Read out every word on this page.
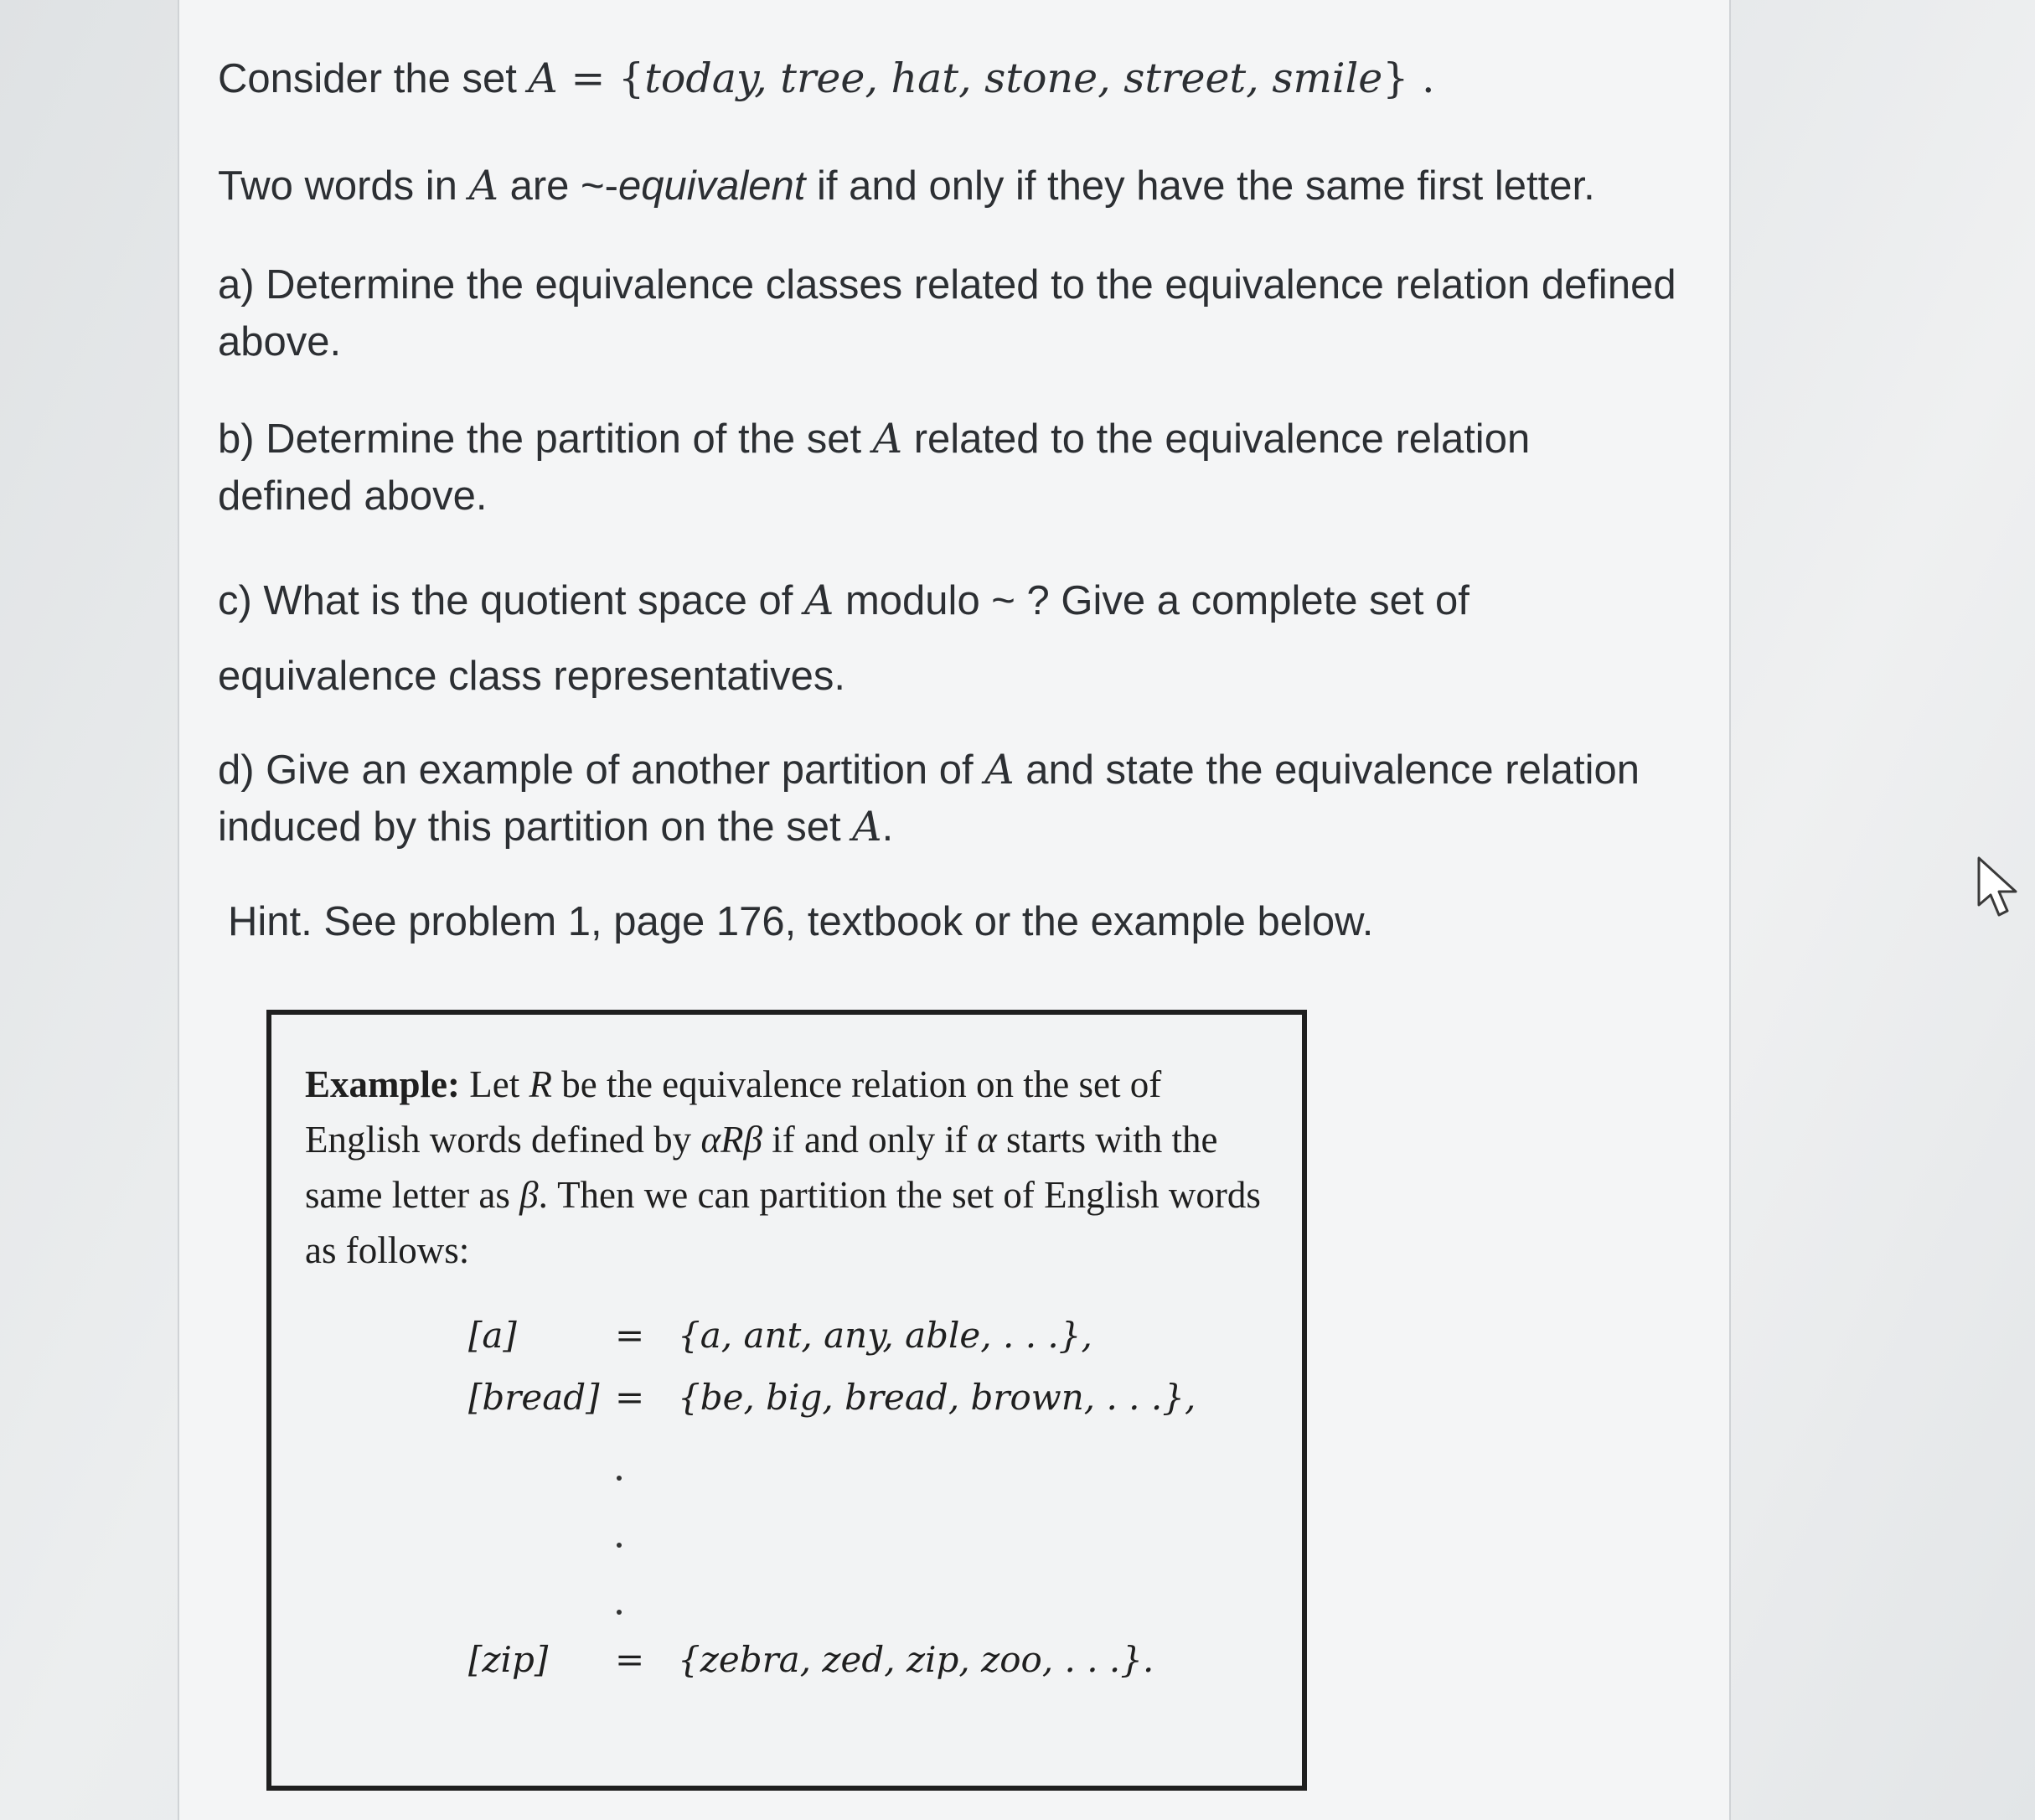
Consider the set A = {today, tree, hat, stone, street, smile} .
Two words in A are ~-equivalent if and only if they have the same first letter.
a) Determine the equivalence classes related to the equivalence relation defined
above.
b) Determine the partition of the set A related to the equivalence relation
defined above.
c) What is the quotient space of A modulo ~ ? Give a complete set of
equivalence class representatives.
d) Give an example of another partition of A and state the equivalence relation
induced by this partition on the set A.
Hint. See problem 1, page 176, textbook or the example below.
Example: Let R be the equivalence relation on the set of English words defined by αRβ if and only if α starts with the same letter as β. Then we can partition the set of English words as follows:
[a]	= {a, ant, any, able, . . .},
[bread] = {be, big, bread, brown, . . .},
[zip] = {zebra, zed, zip, zoo, . . .}.
